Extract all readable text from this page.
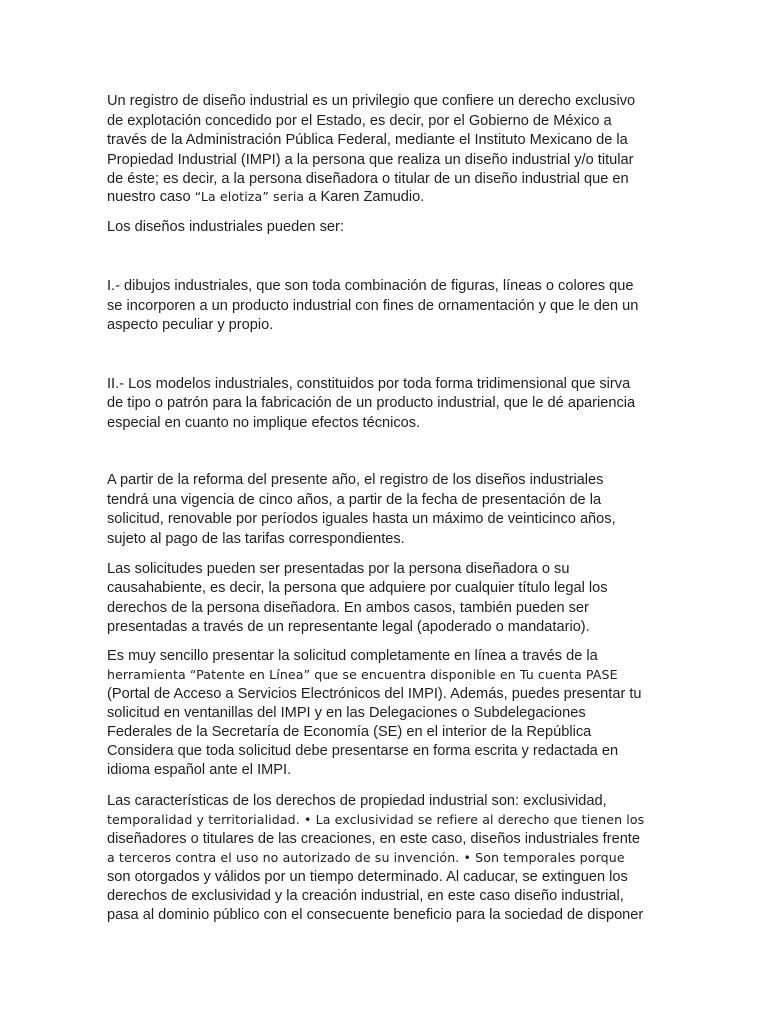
Un registro de diseño industrial es un privilegio que confiere un derecho exclusivo
de explotación concedido por el Estado, es decir, por el Gobierno de México a
través de la Administración Pública Federal, mediante el Instituto Mexicano de la
Propiedad Industrial (IMPI) a la persona que realiza un diseño industrial y/o titular
de éste; es decir, a la persona diseñadora o titular de un diseño industrial que en
nuestro caso “La elotiza” seria a Karen Zamudio.
Los diseños industriales pueden ser:
I.- dibujos industriales, que son toda combinación de figuras, líneas o colores que
se incorporen a un producto industrial con fines de ornamentación y que le den un
aspecto peculiar y propio.
II.- Los modelos industriales, constituidos por toda forma tridimensional que sirva
de tipo o patrón para la fabricación de un producto industrial, que le dé apariencia
especial en cuanto no implique efectos técnicos.
A partir de la reforma del presente año, el registro de los diseños industriales
tendrá una vigencia de cinco años, a partir de la fecha de presentación de la
solicitud, renovable por períodos iguales hasta un máximo de veinticinco años,
sujeto al pago de las tarifas correspondientes.
Las solicitudes pueden ser presentadas por la persona diseñadora o su
causahabiente, es decir, la persona que adquiere por cualquier título legal los
derechos de la persona diseñadora. En ambos casos, también pueden ser
presentadas a través de un representante legal (apoderado o mandatario).
Es muy sencillo presentar la solicitud completamente en línea a través de la
herramienta “Patente en Línea” que se encuentra disponible en Tu cuenta PASE
(Portal de Acceso a Servicios Electrónicos del IMPI). Además, puedes presentar tu
solicitud en ventanillas del IMPI y en las Delegaciones o Subdelegaciones
Federales de la Secretaría de Economía (SE) en el interior de la República
Considera que toda solicitud debe presentarse en forma escrita y redactada en
idioma español ante el IMPI.
Las características de los derechos de propiedad industrial son: exclusividad,
temporalidad y territorialidad. • La exclusividad se refiere al derecho que tienen los
diseñadores o titulares de las creaciones, en este caso, diseños industriales frente
a terceros contra el uso no autorizado de su invención. • Son temporales porque
son otorgados y válidos por un tiempo determinado. Al caducar, se extinguen los
derechos de exclusividad y la creación industrial, en este caso diseño industrial,
pasa al dominio público con el consecuente beneficio para la sociedad de disponer
